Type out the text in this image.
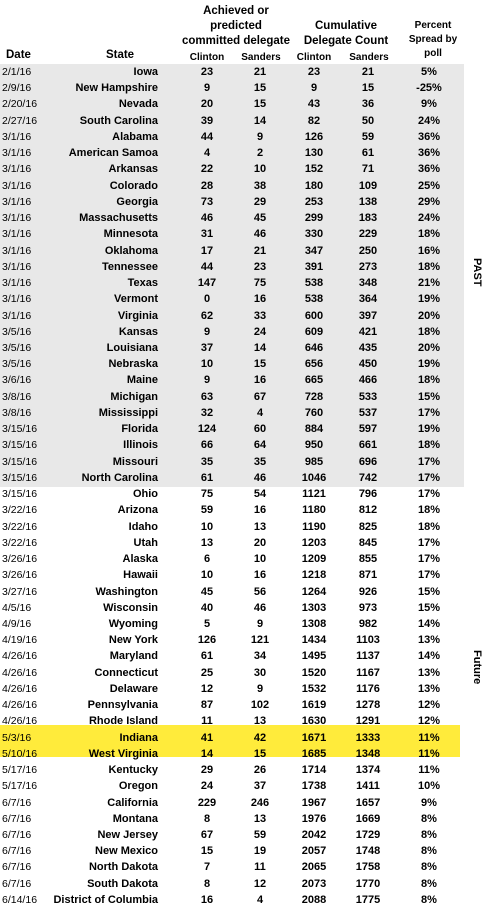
Achieved or
predicted
committed delegate
Cumulative
Delegate Count
Percent
Spread by
poll
Date	State	Clinton	Sanders	Clinton	Sanders
2/1/16	Iowa	23	21	23	21	5%
2/9/16	New Hampshire	9	15	9	15	-25%
2/20/16	Nevada	20	15	43	36	9%
2/27/16	South Carolina	39	14	82	50	24%
3/1/16	Alabama	44	9	126	59	36%
3/1/16	American Samoa	4	2	130	61	36%
3/1/16	Arkansas	22	10	152	71	36%
3/1/16	Colorado	28	38	180	109	25%
3/1/16	Georgia	73	29	253	138	29%
3/1/16	Massachusetts	46	45	299	183	24%
3/1/16	Minnesota	31	46	330	229	18%
3/1/16	Oklahoma	17	21	347	250	16%
3/1/16	Tennessee	44	23	391	273	18%
3/1/16	Texas	147	75	538	348	21%
3/1/16	Vermont	0	16	538	364	19%
3/1/16	Virginia	62	33	600	397	20%
3/5/16	Kansas	9	24	609	421	18%
3/5/16	Louisiana	37	14	646	435	20%
3/5/16	Nebraska	10	15	656	450	19%
3/6/16	Maine	9	16	665	466	18%
3/8/16	Michigan	63	67	728	533	15%
3/8/16	Mississippi	32	4	760	537	17%
3/15/16	Florida	124	60	884	597	19%
3/15/16	Illinois	66	64	950	661	18%
3/15/16	Missouri	35	35	985	696	17%
3/15/16	North Carolina	61	46	1046	742	17%
3/15/16	Ohio	75	54	1121	796	17%
3/22/16	Arizona	59	16	1180	812	18%
3/22/16	Idaho	10	13	1190	825	18%
3/22/16	Utah	13	20	1203	845	17%
3/26/16	Alaska	6	10	1209	855	17%
3/26/16	Hawaii	10	16	1218	871	17%
3/27/16	Washington	45	56	1264	926	15%
4/5/16	Wisconsin	40	46	1303	973	15%
4/9/16	Wyoming	5	9	1308	982	14%
4/19/16	New York	126	121	1434	1103	13%
4/26/16	Maryland	61	34	1495	1137	14%
4/26/16	Connecticut	25	30	1520	1167	13%
4/26/16	Delaware	12	9	1532	1176	13%
4/26/16	Pennsylvania	87	102	1619	1278	12%
4/26/16	Rhode Island	11	13	1630	1291	12%
5/3/16	Indiana	41	42	1671	1333	11%
5/10/16	West Virginia	14	15	1685	1348	11%
5/17/16	Kentucky	29	26	1714	1374	11%
5/17/16	Oregon	24	37	1738	1411	10%
6/7/16	California	229	246	1967	1657	9%
6/7/16	Montana	8	13	1976	1669	8%
6/7/16	New Jersey	67	59	2042	1729	8%
6/7/16	New Mexico	15	19	2057	1748	8%
6/7/16	North Dakota	7	11	2065	1758	8%
6/7/16	South Dakota	8	12	2073	1770	8%
6/14/16	District of Columbia	16	4	2088	1775	8%
PAST
Future
